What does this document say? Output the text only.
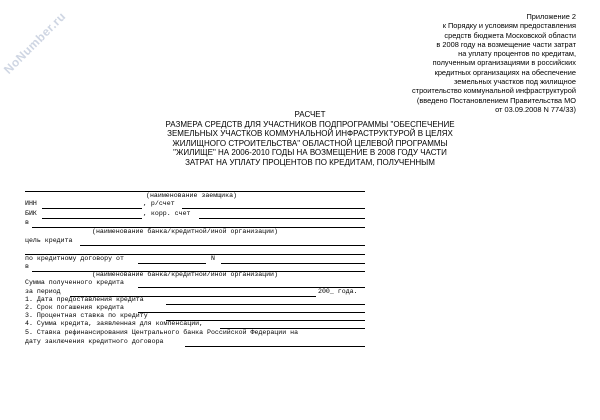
NoNumber.ru	Приложение 2
к Порядку и условиям предоставления
средств бюджета Московской области
в 2008 году на возмещение части затрат
на уплату процентов по кредитам,
полученным организациями в российских
кредитных организациях на обеспечение
земельных участков под жилищное
строительство коммунальной инфраструктурой
(введено Постановлением Правительства МО
от 03.09.2008 N 774/33)
РАСЧЕТ
РАЗМЕРА СРЕДСТВ ДЛЯ УЧАСТНИКОВ ПОДПРОГРАММЫ "ОБЕСПЕЧЕНИЕ
ЗЕМЕЛЬНЫХ УЧАСТКОВ КОММУНАЛЬНОЙ ИНФРАСТРУКТУРОЙ В ЦЕЛЯХ
ЖИЛИЩНОГО СТРОИТЕЛЬСТВА" ОБЛАСТНОЙ ЦЕЛЕВОЙ ПРОГРАММЫ
"ЖИЛИЩЕ" НА 2006-2010 ГОДЫ НА ВОЗМЕЩЕНИЕ В 2008 ГОДУ ЧАСТИ
ЗАТРАТ НА УПЛАТУ ПРОЦЕНТОВ ПО КРЕДИТАМ, ПОЛУЧЕННЫМ
(наименование заемщика)
ИНН	, р/счет
БИК	, корр. счет
в
(наименование банка/кредитной/иной организации)
цель кредита
по кредитному договору от	N
в
(наименование банка/кредитной/иной организации)
Сумма полученного кредита
за период	200_ года.
1. Дата предоставления кредита
2. Срок погашения кредита
3. Процентная ставка по кредиту
4. Сумма кредита, заявленная для компенсации,
5. Ставка рефинансирования Центрального банка Российской Федерации на
дату заключения кредитного договора
